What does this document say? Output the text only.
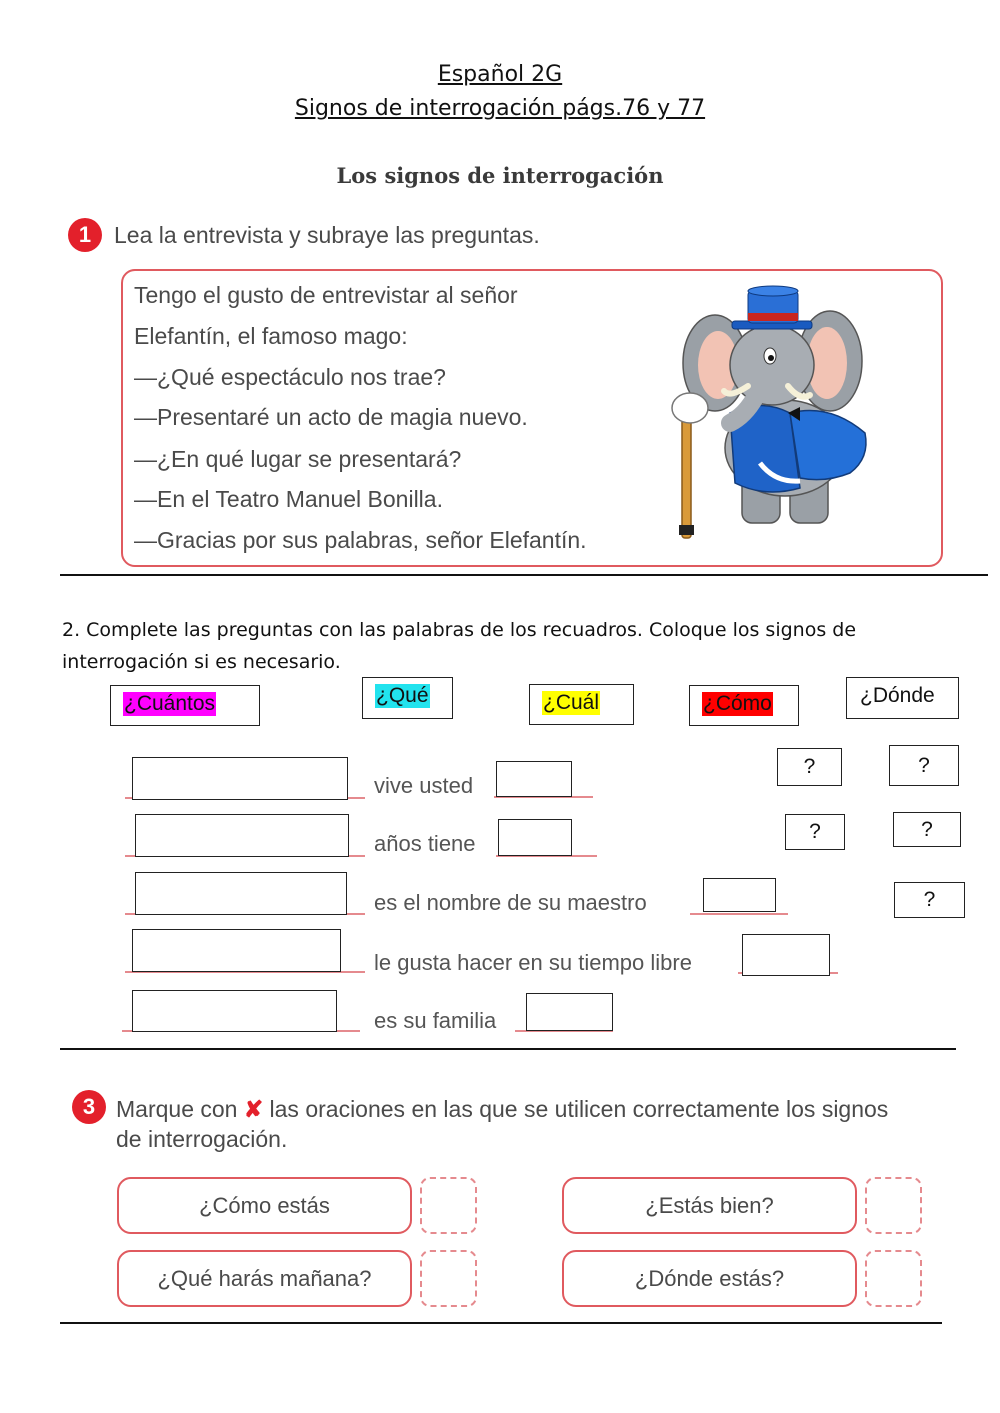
Español 2G
Signos de interrogación págs.76 y 77
Los signos de interrogación
1 Lea la entrevista y subraye las preguntas.
Tengo el gusto de entrevistar al señor
Elefantín, el famoso mago:
—¿Qué espectáculo nos trae?
—Presentaré un acto de magia nuevo.
—¿En qué lugar se presentará?
—En el Teatro Manuel Bonilla.
—Gracias por sus palabras, señor Elefantín.
2. Complete las preguntas con las palabras de los recuadros. Coloque los signos de interrogación si es necesario.
¿Cuántos	¿Qué	¿Cuál	¿Cómo	¿Dónde
vive usted
años tiene
es el nombre de su maestro
le gusta hacer en su tiempo libre
es su familia
?	?
?	?
?
3 Marque con ✘ las oraciones en las que se utilicen correctamente los signos
de interrogación.
¿Cómo estás	¿Estás bien?
¿Qué harás mañana?	¿Dónde estás?
